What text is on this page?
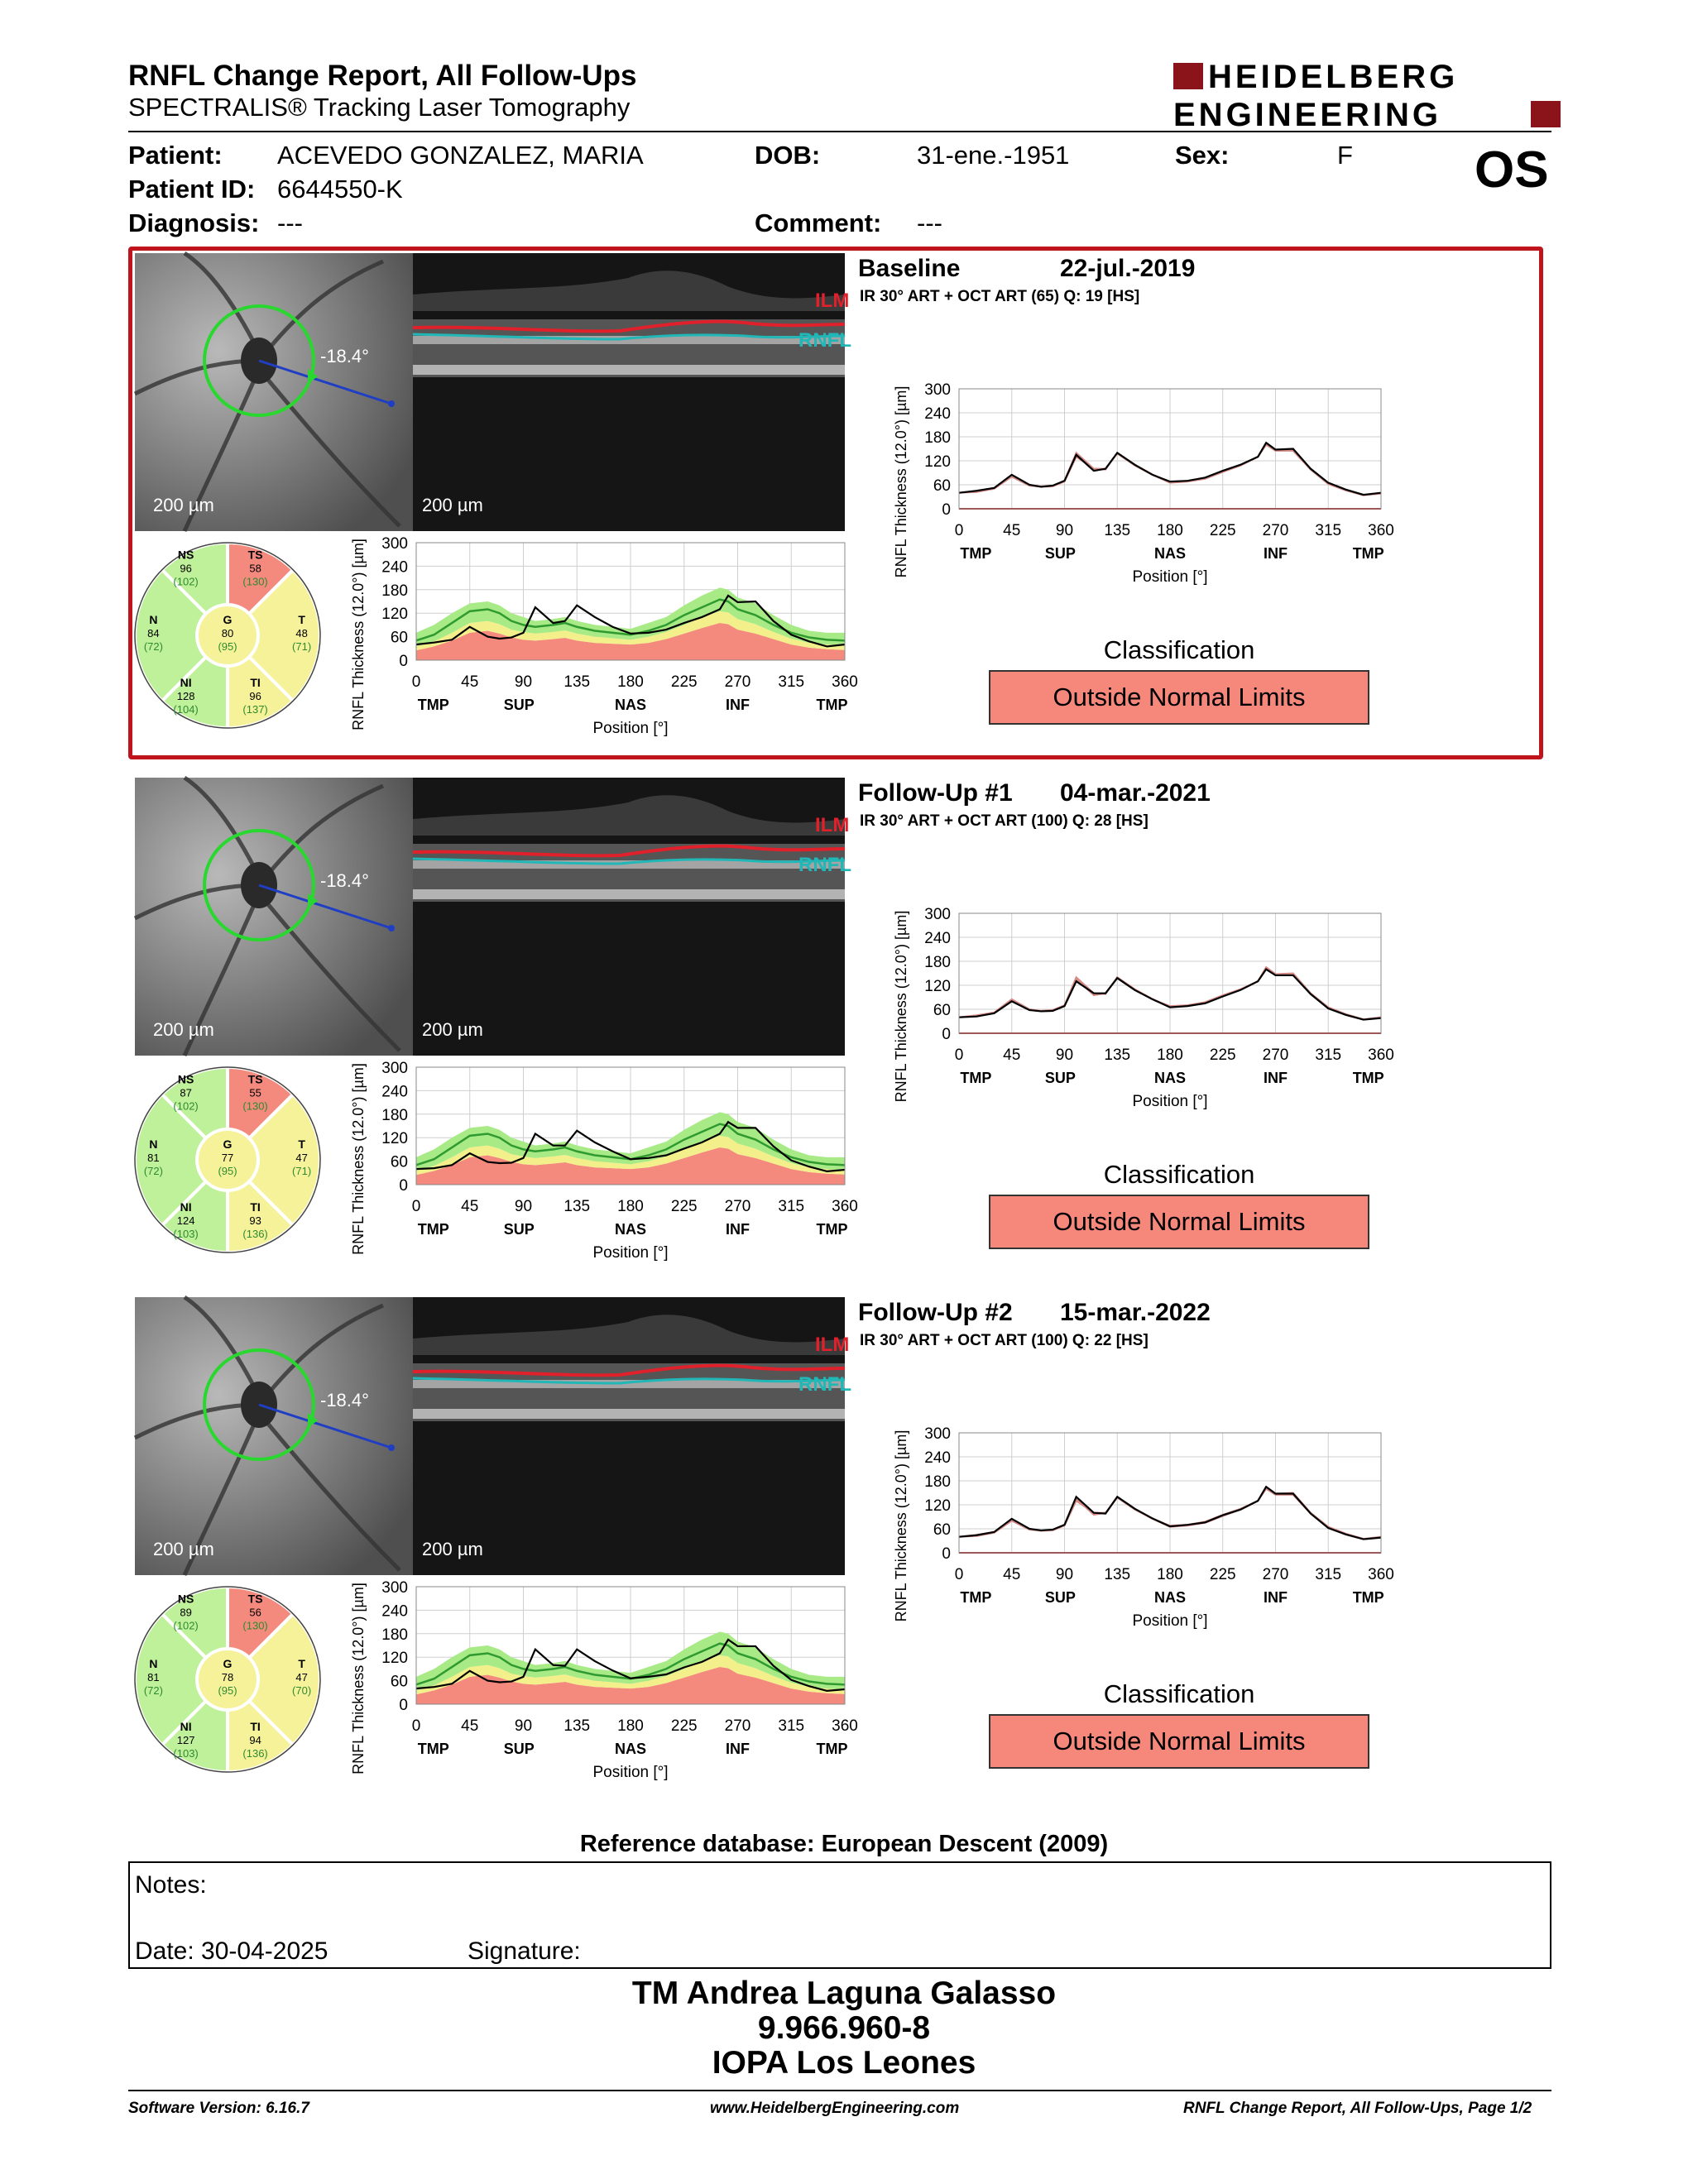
RNFL Change Report, All Follow-Ups
SPECTRALIS® Tracking Laser Tomography
HEIDELBERG
ENGINEERING
Patient: ACEVEDO GONZALEZ, MARIA	DOB:	31-ene.-1951	Sex:	F OS
Patient ID: 6644550-K
Diagnosis: ---	Comment: ---
-18.4°
200 µm
ILM
RNFL
200 µm
NS
96
(102)
TS
58
(130)
N
84
(72)
G
80
(95)
T
48
(71)
NI
128
(104)
TI
96
(137)
300
240
180
120
60
0
0	45 90 135 180 225 270 315 360
TMP	SUP	NAS	INF	TMP
Position [°]
RNFL Thickness (12.0°) [µm]
Baseline	22-jul.-2019
IR 30° ART + OCT ART (65) Q: 19 [HS]
300
240
180
120
60
0
0	45 90 135 180 225 270 315 360
TMP	SUP	NAS	INF	TMP
Position [°]
RNFL Thickness (12.0°) [µm]
Classification
Outside Normal Limits
-18.4°
200 µm
ILM
RNFL
200 µm
NS
87
(102)
TS
55
(130)
N
81
(72)
G
77
(95)
T
47
(71)
NI
124
(103)
TI
93
(136)
300
240
180
120
60
0
0	45 90 135 180 225 270 315 360
TMP	SUP	NAS	INF	TMP
Position [°]
RNFL Thickness (12.0°) [µm]
Follow-Up #1 04-mar.-2021
IR 30° ART + OCT ART (100) Q: 28 [HS]
300
240
180
120
60
0
0	45 90 135 180 225 270 315 360
TMP	SUP	NAS	INF	TMP
Position [°]
RNFL Thickness (12.0°) [µm]
Classification
Outside Normal Limits
-18.4°
200 µm
ILM
RNFL
200 µm
NS
89
(102)
TS
56
(130)
N
81
(72)
G
78
(95)
T
47
(70)
NI
127
(103)
TI
94
(136)
300
240
180
120
60
0
0	45 90 135 180 225 270 315 360
TMP	SUP	NAS	INF	TMP
Position [°]
RNFL Thickness (12.0°) [µm]
Follow-Up #2 15-mar.-2022
IR 30° ART + OCT ART (100) Q: 22 [HS]
300
240
180
120
60
0
0	45 90 135 180 225 270 315 360
TMP	SUP	NAS	INF	TMP
Position [°]
RNFL Thickness (12.0°) [µm]
Classification
Outside Normal Limits
Reference database: European Descent (2009)
Notes:
Date: 30-04-2025	Signature:
TM Andrea Laguna Galasso
9.966.960-8
IOPA Los Leones
Software Version: 6.16.7	www.HeidelbergEngineering.com	RNFL Change Report, All Follow-Ups, Page 1/2
